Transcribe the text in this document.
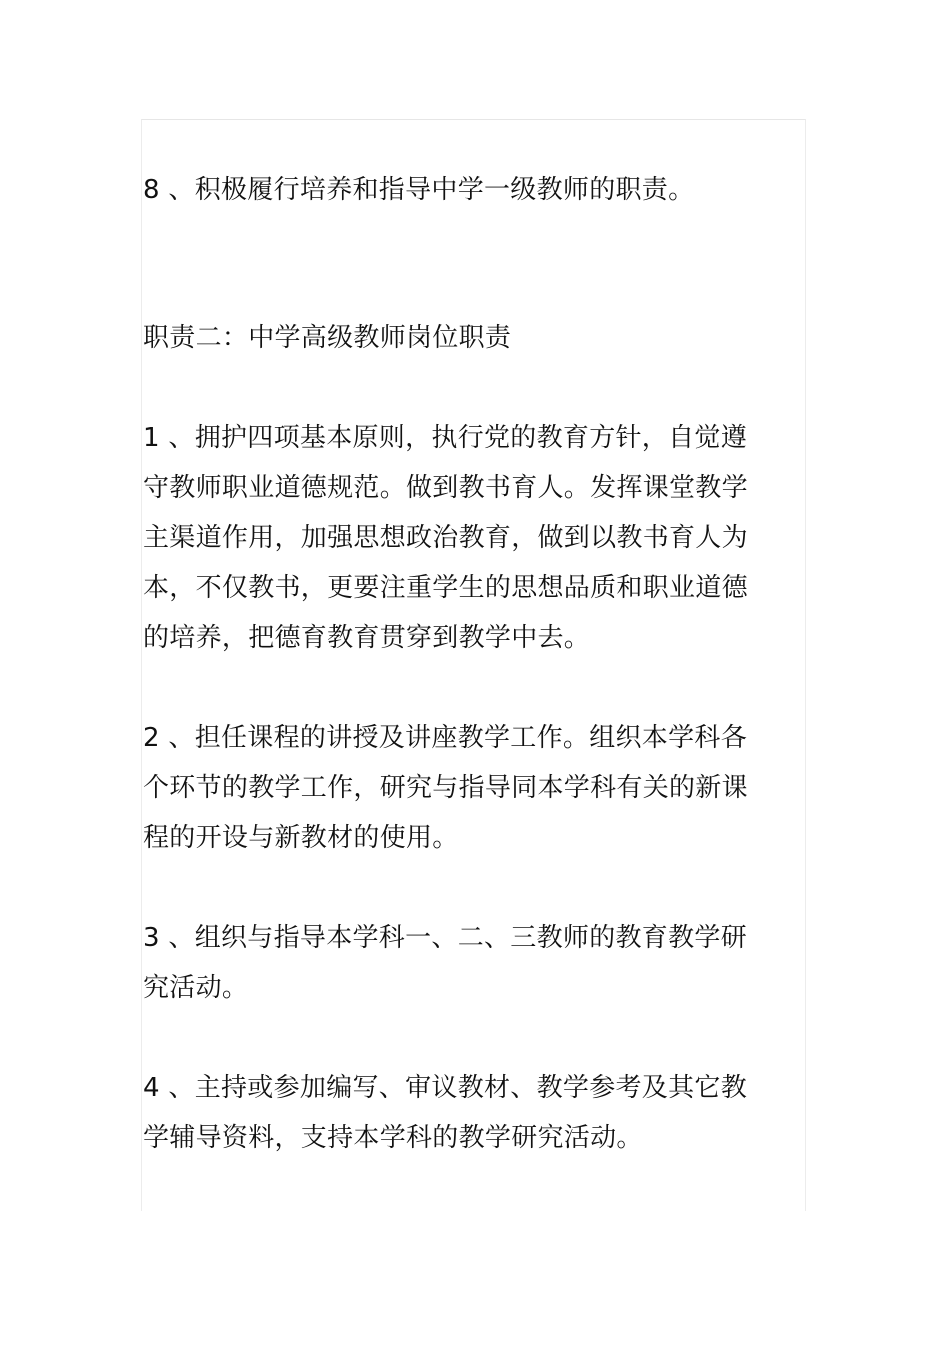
8 、积极履行培养和指导中学一级教师的职责。

职责二：中学高级教师岗位职责

1 、拥护四项基本原则，执行党的教育方针，自觉遵守教师职业道德规范。做到教书育人。发挥课堂教学主渠道作用，加强思想政治教育，做到以教书育人为本，不仅教书，更要注重学生的思想品质和职业道德的培养，把德育教育贯穿到教学中去。

2 、担任课程的讲授及讲座教学工作。组织本学科各个环节的教学工作，研究与指导同本学科有关的新课程的开设与新教材的使用。

3 、组织与指导本学科一、二、三教师的教育教学研究活动。

4 、主持或参加编写、审议教材、教学参考及其它教学辅导资料，支持本学科的教学研究活动。
